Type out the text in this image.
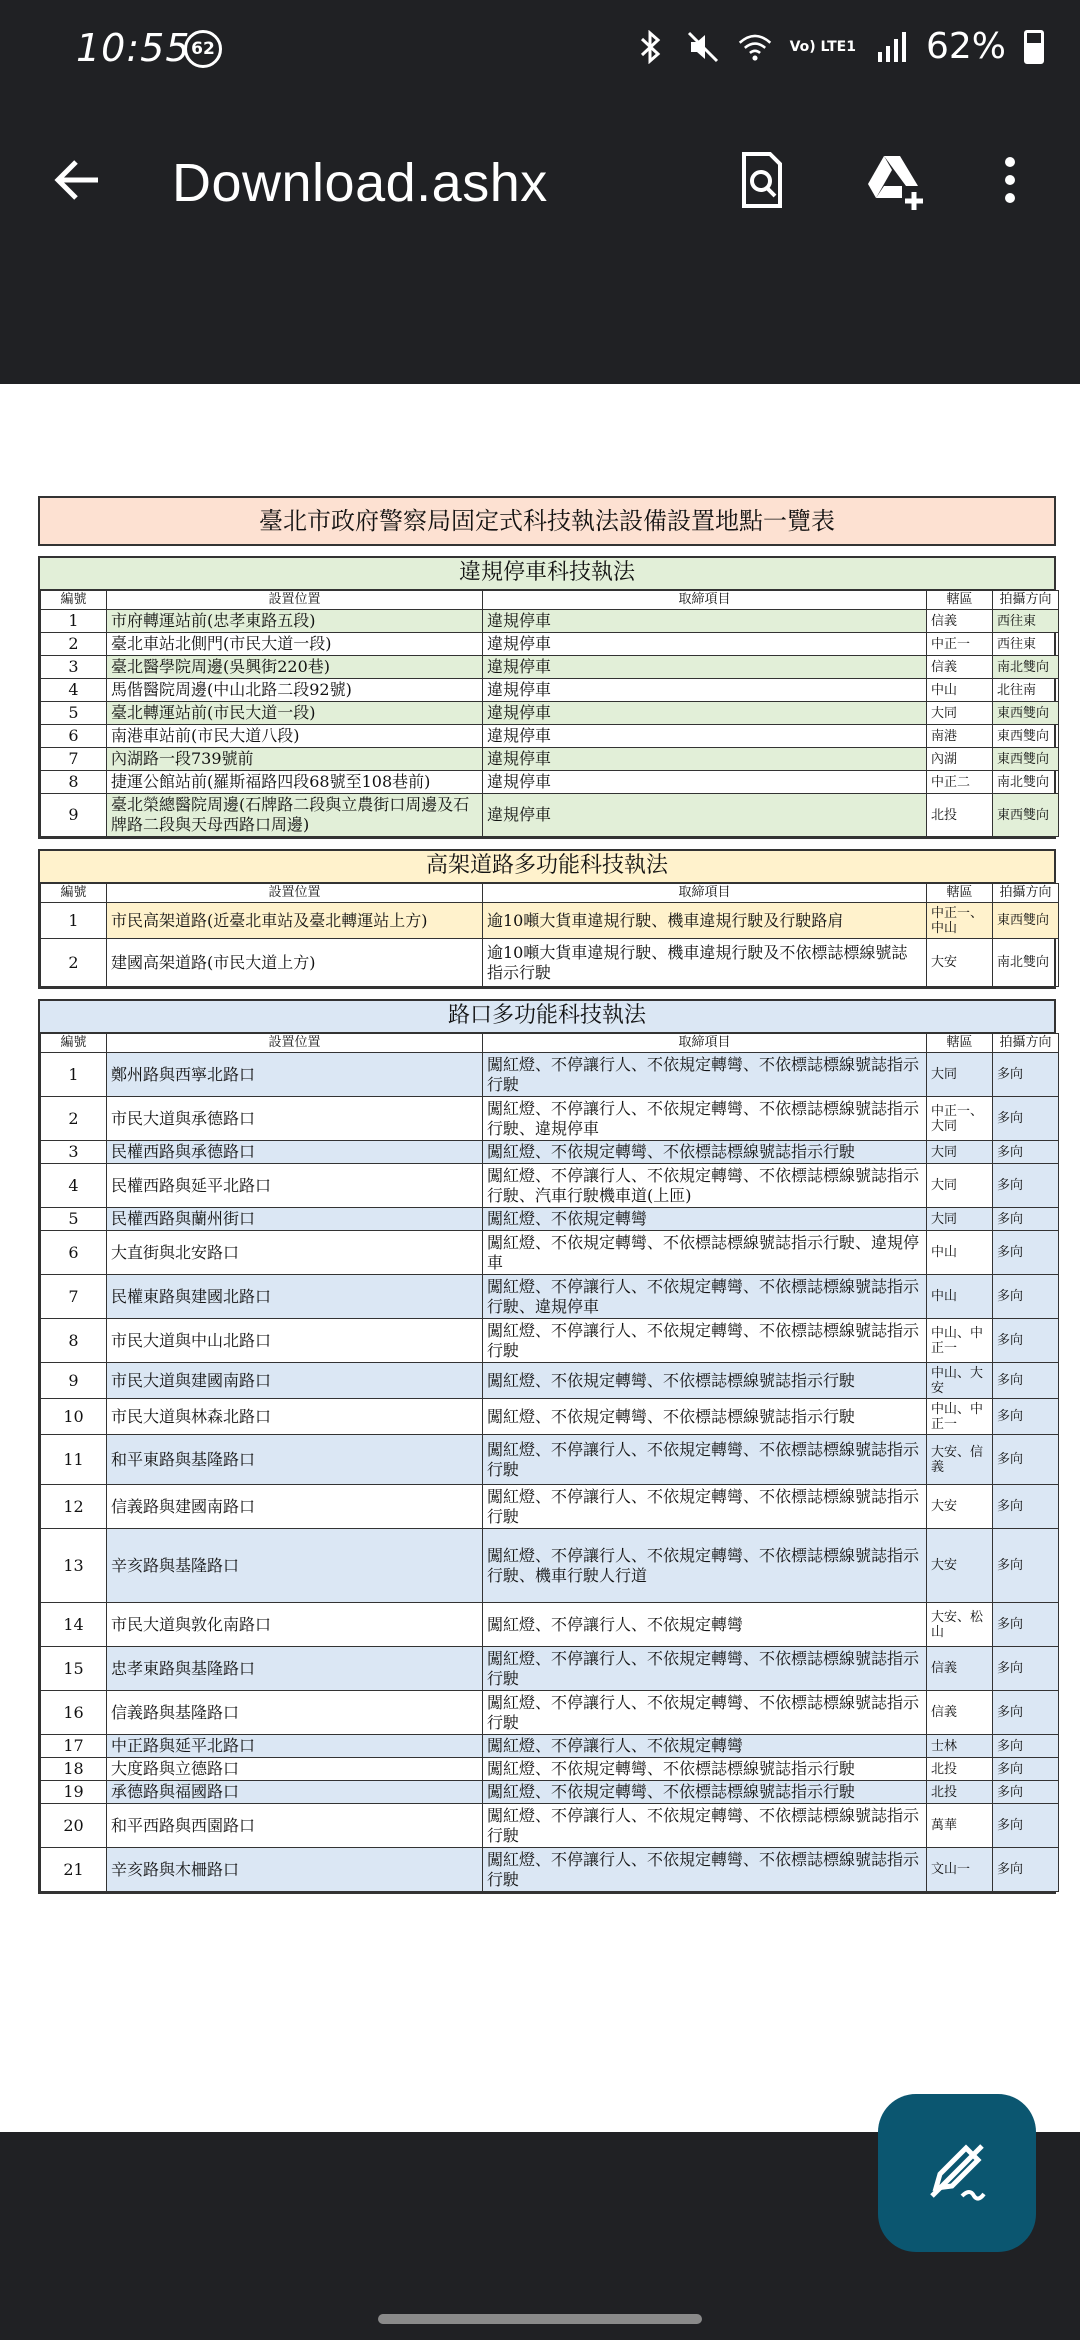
10:55 62	Vo) LTE1 62%
Download.ashx
臺北市政府警察局固定式科技執法設備設置地點一覽表
違規停車科技執法
編號	設置位置	取締項目	轄區	拍攝方向
1	市府轉運站前(忠孝東路五段)	違規停車	信義	西往東
2	臺北車站北側門(市民大道一段)	違規停車	中正一	西往東
3	臺北醫學院周邊(吳興街220巷)	違規停車	信義	南北雙向
4	馬偕醫院周邊(中山北路二段92號)	違規停車	中山	北往南
5	臺北轉運站前(市民大道一段)	違規停車	大同	東西雙向
6	南港車站前(市民大道八段)	違規停車	南港	東西雙向
7	內湖路一段739號前	違規停車	內湖	東西雙向
8	捷運公館站前(羅斯福路四段68號至108巷前)	違規停車	中正二	南北雙向
9	臺北榮總醫院周邊(石牌路二段與立農街口周邊及石牌路二段與天母西路口周邊)	違規停車	北投	東西雙向
高架道路多功能科技執法
編號	設置位置	取締項目	轄區	拍攝方向
1	市民高架道路(近臺北車站及臺北轉運站上方)	逾10噸大貨車違規行駛、機車違規行駛及行駛路肩	中正一、中山	東西雙向
2	建國高架道路(市民大道上方)	逾10噸大貨車違規行駛、機車違規行駛及不依標誌標線號誌指示行駛	大安	南北雙向
路口多功能科技執法
編號	設置位置	取締項目	轄區	拍攝方向
1	鄭州路與西寧北路口	闖紅燈、不停讓行人、不依規定轉彎、不依標誌標線號誌指示行駛	大同	多向
2	市民大道與承德路口	闖紅燈、不停讓行人、不依規定轉彎、不依標誌標線號誌指示行駛、違規停車	中正一、大同	多向
3	民權西路與承德路口	闖紅燈、不依規定轉彎、不依標誌標線號誌指示行駛	大同	多向
4	民權西路與延平北路口	闖紅燈、不停讓行人、不依規定轉彎、不依標誌標線號誌指示行駛、汽車行駛機車道(上匝)	大同	多向
5	民權西路與蘭州街口	闖紅燈、不依規定轉彎	大同	多向
6	大直街與北安路口	闖紅燈、不依規定轉彎、不依標誌標線號誌指示行駛、違規停車	中山	多向
7	民權東路與建國北路口	闖紅燈、不停讓行人、不依規定轉彎、不依標誌標線號誌指示行駛、違規停車	中山	多向
8	市民大道與中山北路口	闖紅燈、不停讓行人、不依規定轉彎、不依標誌標線號誌指示行駛	中山、中正一	多向
9	市民大道與建國南路口	闖紅燈、不依規定轉彎、不依標誌標線號誌指示行駛	中山、大安	多向
10	市民大道與林森北路口	闖紅燈、不依規定轉彎、不依標誌標線號誌指示行駛	中山、中正一	多向
11	和平東路與基隆路口	闖紅燈、不停讓行人、不依規定轉彎、不依標誌標線號誌指示行駛	大安、信義	多向
12	信義路與建國南路口	闖紅燈、不停讓行人、不依規定轉彎、不依標誌標線號誌指示行駛	大安	多向
13	辛亥路與基隆路口	闖紅燈、不停讓行人、不依規定轉彎、不依標誌標線號誌指示行駛、機車行駛人行道	大安	多向
14	市民大道與敦化南路口	闖紅燈、不停讓行人、不依規定轉彎	大安、松山	多向
15	忠孝東路與基隆路口	闖紅燈、不停讓行人、不依規定轉彎、不依標誌標線號誌指示行駛	信義	多向
16	信義路與基隆路口	闖紅燈、不停讓行人、不依規定轉彎、不依標誌標線號誌指示行駛	信義	多向
17	中正路與延平北路口	闖紅燈、不停讓行人、不依規定轉彎	士林	多向
18	大度路與立德路口	闖紅燈、不依規定轉彎、不依標誌標線號誌指示行駛	北投	多向
19	承德路與福國路口	闖紅燈、不依規定轉彎、不依標誌標線號誌指示行駛	北投	多向
20	和平西路與西園路口	闖紅燈、不停讓行人、不依規定轉彎、不依標誌標線號誌指示行駛	萬華	多向
21	辛亥路與木柵路口	闖紅燈、不停讓行人、不依規定轉彎、不依標誌標線號誌指示行駛	文山一	多向
